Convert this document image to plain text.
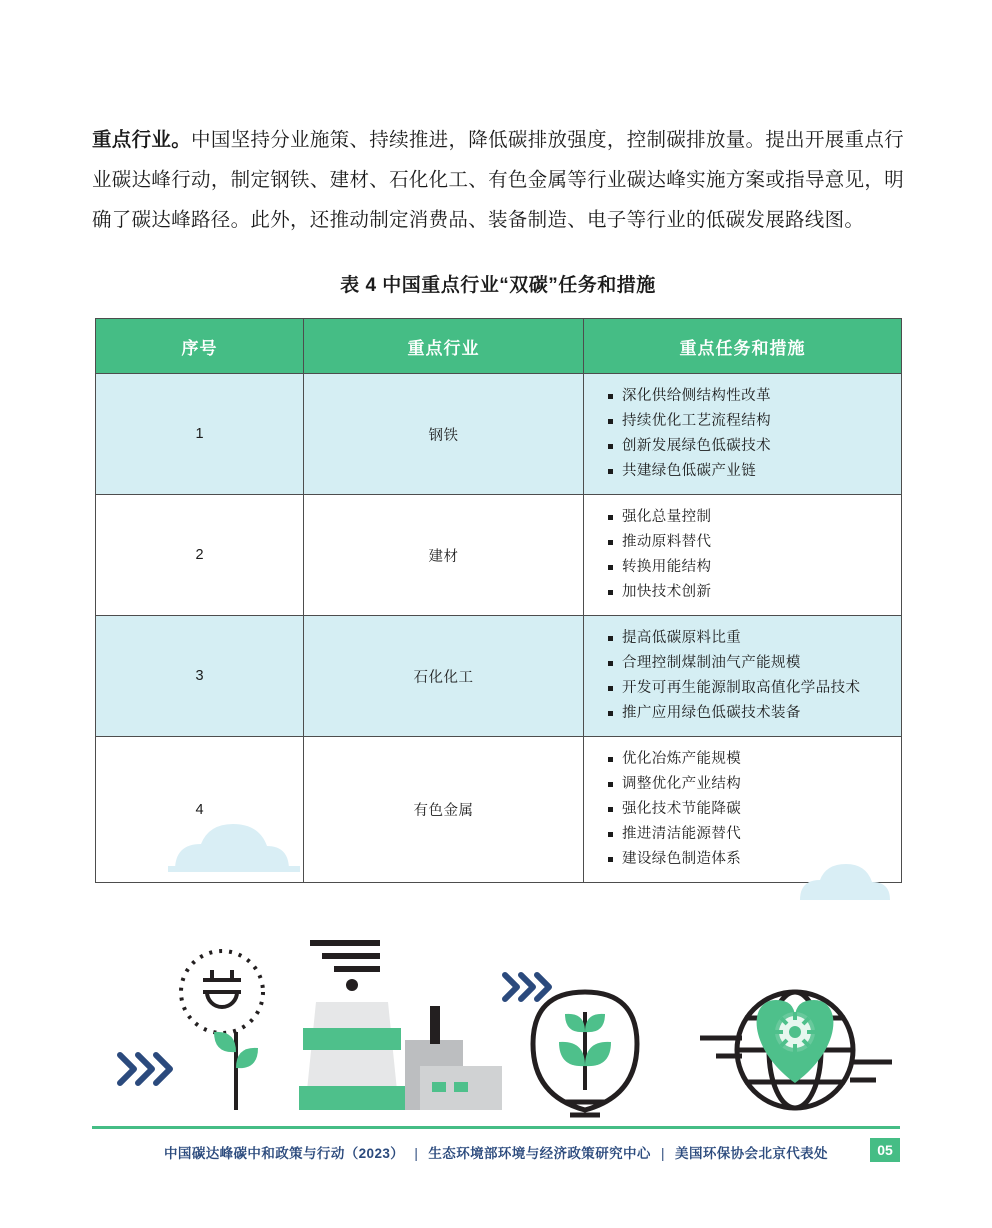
重点行业。中国坚持分业施策、持续推进，降低碳排放强度，控制碳排放量。提出开展重点行业碳达峰行动，制定钢铁、建材、石化化工、有色金属等行业碳达峰实施方案或指导意见，明确了碳达峰路径。此外，还推动制定消费品、装备制造、电子等行业的低碳发展路线图。

表 4 中国重点行业“双碳”任务和措施
序号	重点行业	重点任务和措施
1	钢铁	
深化供给侧结构性改革
持续优化工艺流程结构
创新发展绿色低碳技术
共建绿色低碳产业链

2	建材	
强化总量控制
推动原料替代
转换用能结构
加快技术创新

3	石化化工	
提高低碳原料比重
合理控制煤制油气产能规模
开发可再生能源制取高值化学品技术
推广应用绿色低碳技术装备

4	有色金属	
优化冶炼产能规模
调整优化产业结构
强化技术节能降碳
推进清洁能源替代
建设绿色制造体系
中国碳达峰碳中和政策与行动（2023） | 生态环境部环境与经济政策研究中心 | 美国环保协会北京代表处	05
